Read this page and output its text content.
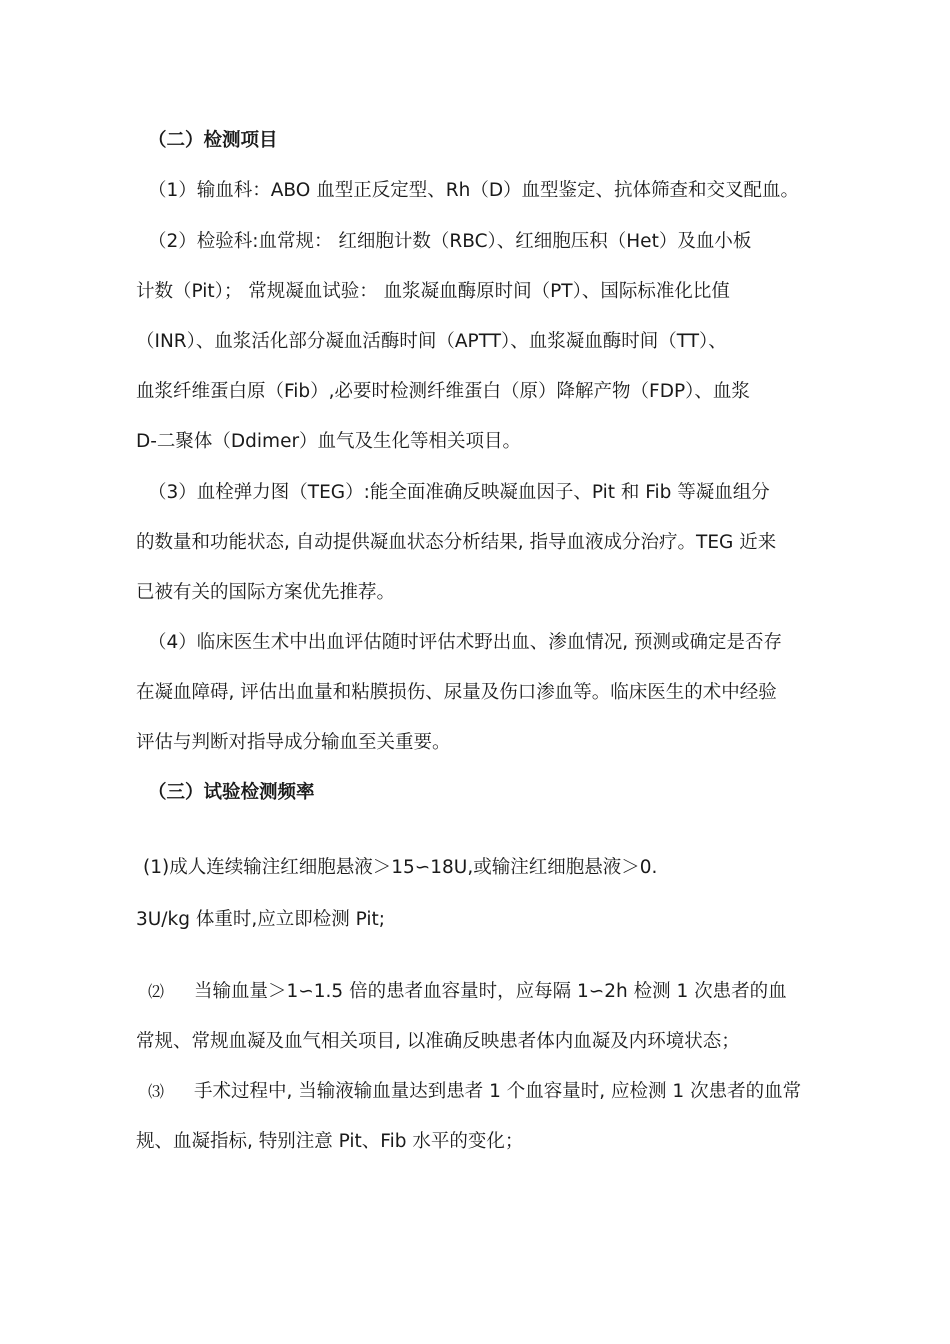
（二）检测项目
（1）输血科：ABO 血型正反定型、Rh（D）血型鉴定、抗体筛查和交叉配血。
（2）检验科:血常规： 红细胞计数（RBC）、红细胞压积（Het）及血小板
计数（Pit）； 常规凝血试验： 血浆凝血酶原时间（PT）、国际标准化比值
（INR）、血浆活化部分凝血活酶时间（APTT）、血浆凝血酶时间（TT）、
血浆纤维蛋白原（Fib）,必要时检测纤维蛋白（原）降解产物（FDP）、血浆
D-二聚体（Ddimer）血气及生化等相关项目。
（3）血栓弹力图（TEG）:能全面准确反映凝血因子、Pit 和 Fib 等凝血组分
的数量和功能状态, 自动提供凝血状态分析结果, 指导血液成分治疗。TEG 近来
已被有关的国际方案优先推荐。
（4）临床医生术中出血评估随时评估术野出血、渗血情况, 预测或确定是否存
在凝血障碍, 评估出血量和粘膜损伤、尿量及伤口渗血等。临床医生的术中经验
评估与判断对指导成分输血至关重要。
（三）试验检测频率
(1)成人连续输注红细胞悬液＞15∽18U,或输注红细胞悬液＞0.
3U/kg 体重时,应立即检测 Pit;
⑵ 当输血量＞1∽1.5 倍的患者血容量时，应每隔 1∽2h 检测 1 次患者的血
常规、常规血凝及血气相关项目, 以准确反映患者体内血凝及内环境状态；
⑶ 手术过程中, 当输液输血量达到患者 1 个血容量时, 应检测 1 次患者的血常
规、血凝指标, 特别注意 Pit、Fib 水平的变化；
